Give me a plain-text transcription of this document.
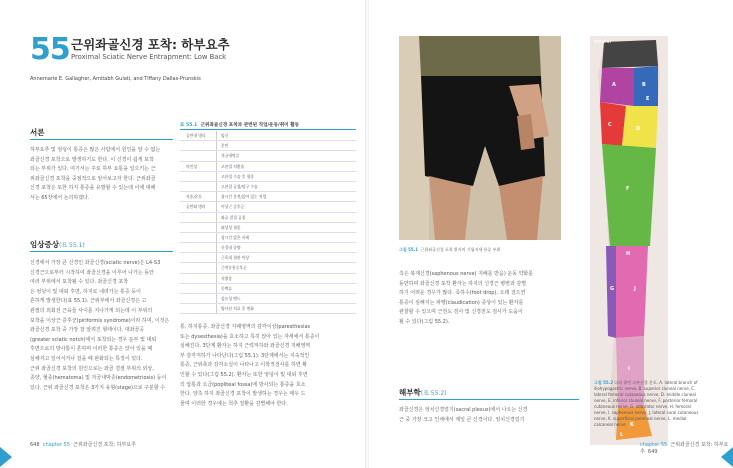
55 근위좌골신경 포착: 하부요추
Proximal Sciatic Nerve Entrapment: Low Back
Annemarie E. Gallagher, Amitabh Gulati, and Tiffany Dallas-Prunskis
서론
하부요추 및 엉덩이 통증은 많은 사람에서 원인을 알 수 없는
좌골신경 포착으로 발생하기도 한다. 이 신경이 쉽게 포착
되는 부위가 있다. 여기서는 주로 하부 요통을 일으키는 근
위좌골신경 포착을 중점적으로 알아보고자 한다. 근위좌골
신경 포착은 또한 하지 통증을 유발할 수 있는데 이에 대해
서는 65장에서 논의하겠다.
임상증상(표 55.1)
신경에서 가장 큰 신경인 좌골신경(sciatic nerve)은 L4-S3
신경근으로부터 시작하여 좌골신경을 이루어 나가는 동안
여러 부위에서 포착될 수 있다. 좌골신경 포착
은 엉덩이 및 대퇴 후면, 하지로 내려가는 통증 등이
흔하게 발생한다(표 55.1). 근위부에서 좌골신경은 고
관절의 외회전 근육들 사이를 지나가게 되는데 이 부위의
포착을 이상근 증후군(piriformis syndrome)이라 하며, 이것은
좌골신경 포착 중 가장 잘 알려진 형태이다. 대좌골공
(greater sciatic notch)에서 포착되는 경우 둔부 및 대퇴
후면으로의 방사통이 흔하며 이러한 통증은 앉아 있을 때
심해지고 일어서거나 걸을 때 완화되는 특징이 있다.
근위 좌골신경 포착의 원인으로는 좌골 결절 부위의 외상,
종양, 혈종(hematoma) 및 자궁내막증(endometriosis) 등이
있다. 근위 좌골신경 포착은 3가지 유형(stage)으로 구분할 수
표 55.1 근위좌골신경 포착과 관련된 직업/운동/취미 활동
골반내 병리	임신
분만
자궁내막증
의인성	고관절 치환술
고관절 수술 후 혈종
고관절 골절/탈구 수술
직종/운동	장시간 운전/앉아 있는 직업
골반외 병리	이상근 증후군
좌골 결절 골절
외상성 혈종
장시간 앉은 자세
신경내 종양
근육내 혈관 이상
근막동통증후군
지방종
동맥류
섬유성 밴드
방사선 치료 후 변화
통, 하지통증, 좌골신경 지배영역의 감각이상(paresthesias
또는 dysesthesia)을 호소하고 특히 앉아 있는 자세에서 통증이
심해진다. 3단계 환자는 하지 근력저하와 좌골신경 지배영역
부 감각저하가 나타난다(그림 55.1). 3단계에서는 지속적인
통증, 근위축과 감각소실이 나타나고 이학적검사를 하면 확
인할 수 있다(그림 55.2). 환자는 또한 엉덩이 및 대퇴 후면
의 압통과 오금(popliteal fossa)에 방사되는 통증을 호소
한다. 양측 하지 좌골신경 포착이 발생하는 경우는 매우 드
물며 이러한 경우에는 척추 질환을 감별해야 한다.
648 chapter 55 근위좌골신경 포착: 하부요추
그림 55.1 근위좌골신경 포착 환자의 기립자세 통증 부위
측은 복재신경(saphenous nerve) 지배를 받음) 운동 약화를
동반하며 좌골신경 포착 환자는 하지의 신경근 병변과 감별
하기 어려운 경우가 많다. 족하수(foot drop), 오래 걸으면
통증이 심해지는 파행(claudication) 증상이 있는 환자를
관찰할 수 있으며 근전도 검사 및 신경전도 검사가 도움이
될 수 있다(그림 55.2).
해부학(표 55.2)
좌골신경은 엉치신경얼기(sacral plexus)에서 나오는 신경
근 중 가장 크고 인체에서 제일 큰 신경이다. 엉치신경얼기
A	B
C
D
E
F
G
H
I
J
K
L
medial
그림 55.2 다리 뒷면 피부신경 분포. A. lateral branch of iliohypogastric nerve, B. superior cluneal nerve, C. lateral femoral cutaneous nerve, D. middle cluneal nerve, E. inferior cluneal nerve, F. posterior femoral cutaneous nerve, G. obturator nerve, H. femoral nerve, I. saphenous nerve, J. lateral sural cutaneous nerve, K. superficial peroneal nerve, L. medial calcaneal nerve
chapter 55 근위좌골신경 포착: 하부요추 649
